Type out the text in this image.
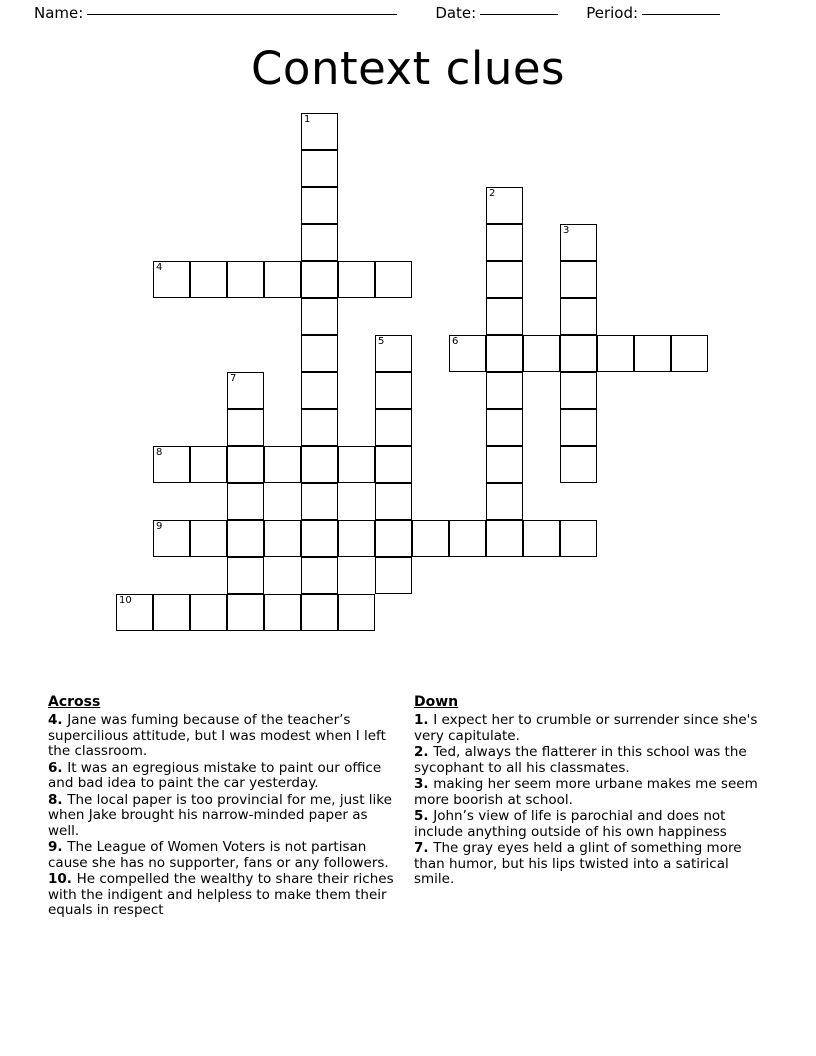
Name:	Date:	Period:
Context clues
1
2
3
4
5	6
7
8
9
10
Across
4. Jane was fuming because of the teacher’s supercilious attitude, but I was modest when I left the classroom.
6. It was an egregious mistake to paint our office and bad idea to paint the car yesterday.
8. The local paper is too provincial for me, just like when Jake brought his narrow-minded paper as well.
9. The League of Women Voters is not partisan cause she has no supporter, fans or any followers.
10. He compelled the wealthy to share their riches with the indigent and helpless to make them their equals in respect
Down
1. I expect her to crumble or surrender since she's very capitulate.
2. Ted, always the flatterer in this school was the sycophant to all his classmates.
3. making her seem more urbane makes me seem more boorish at school.
5. John’s view of life is parochial and does not include anything outside of his own happiness
7. The gray eyes held a glint of something more than humor, but his lips twisted into a satirical smile.
